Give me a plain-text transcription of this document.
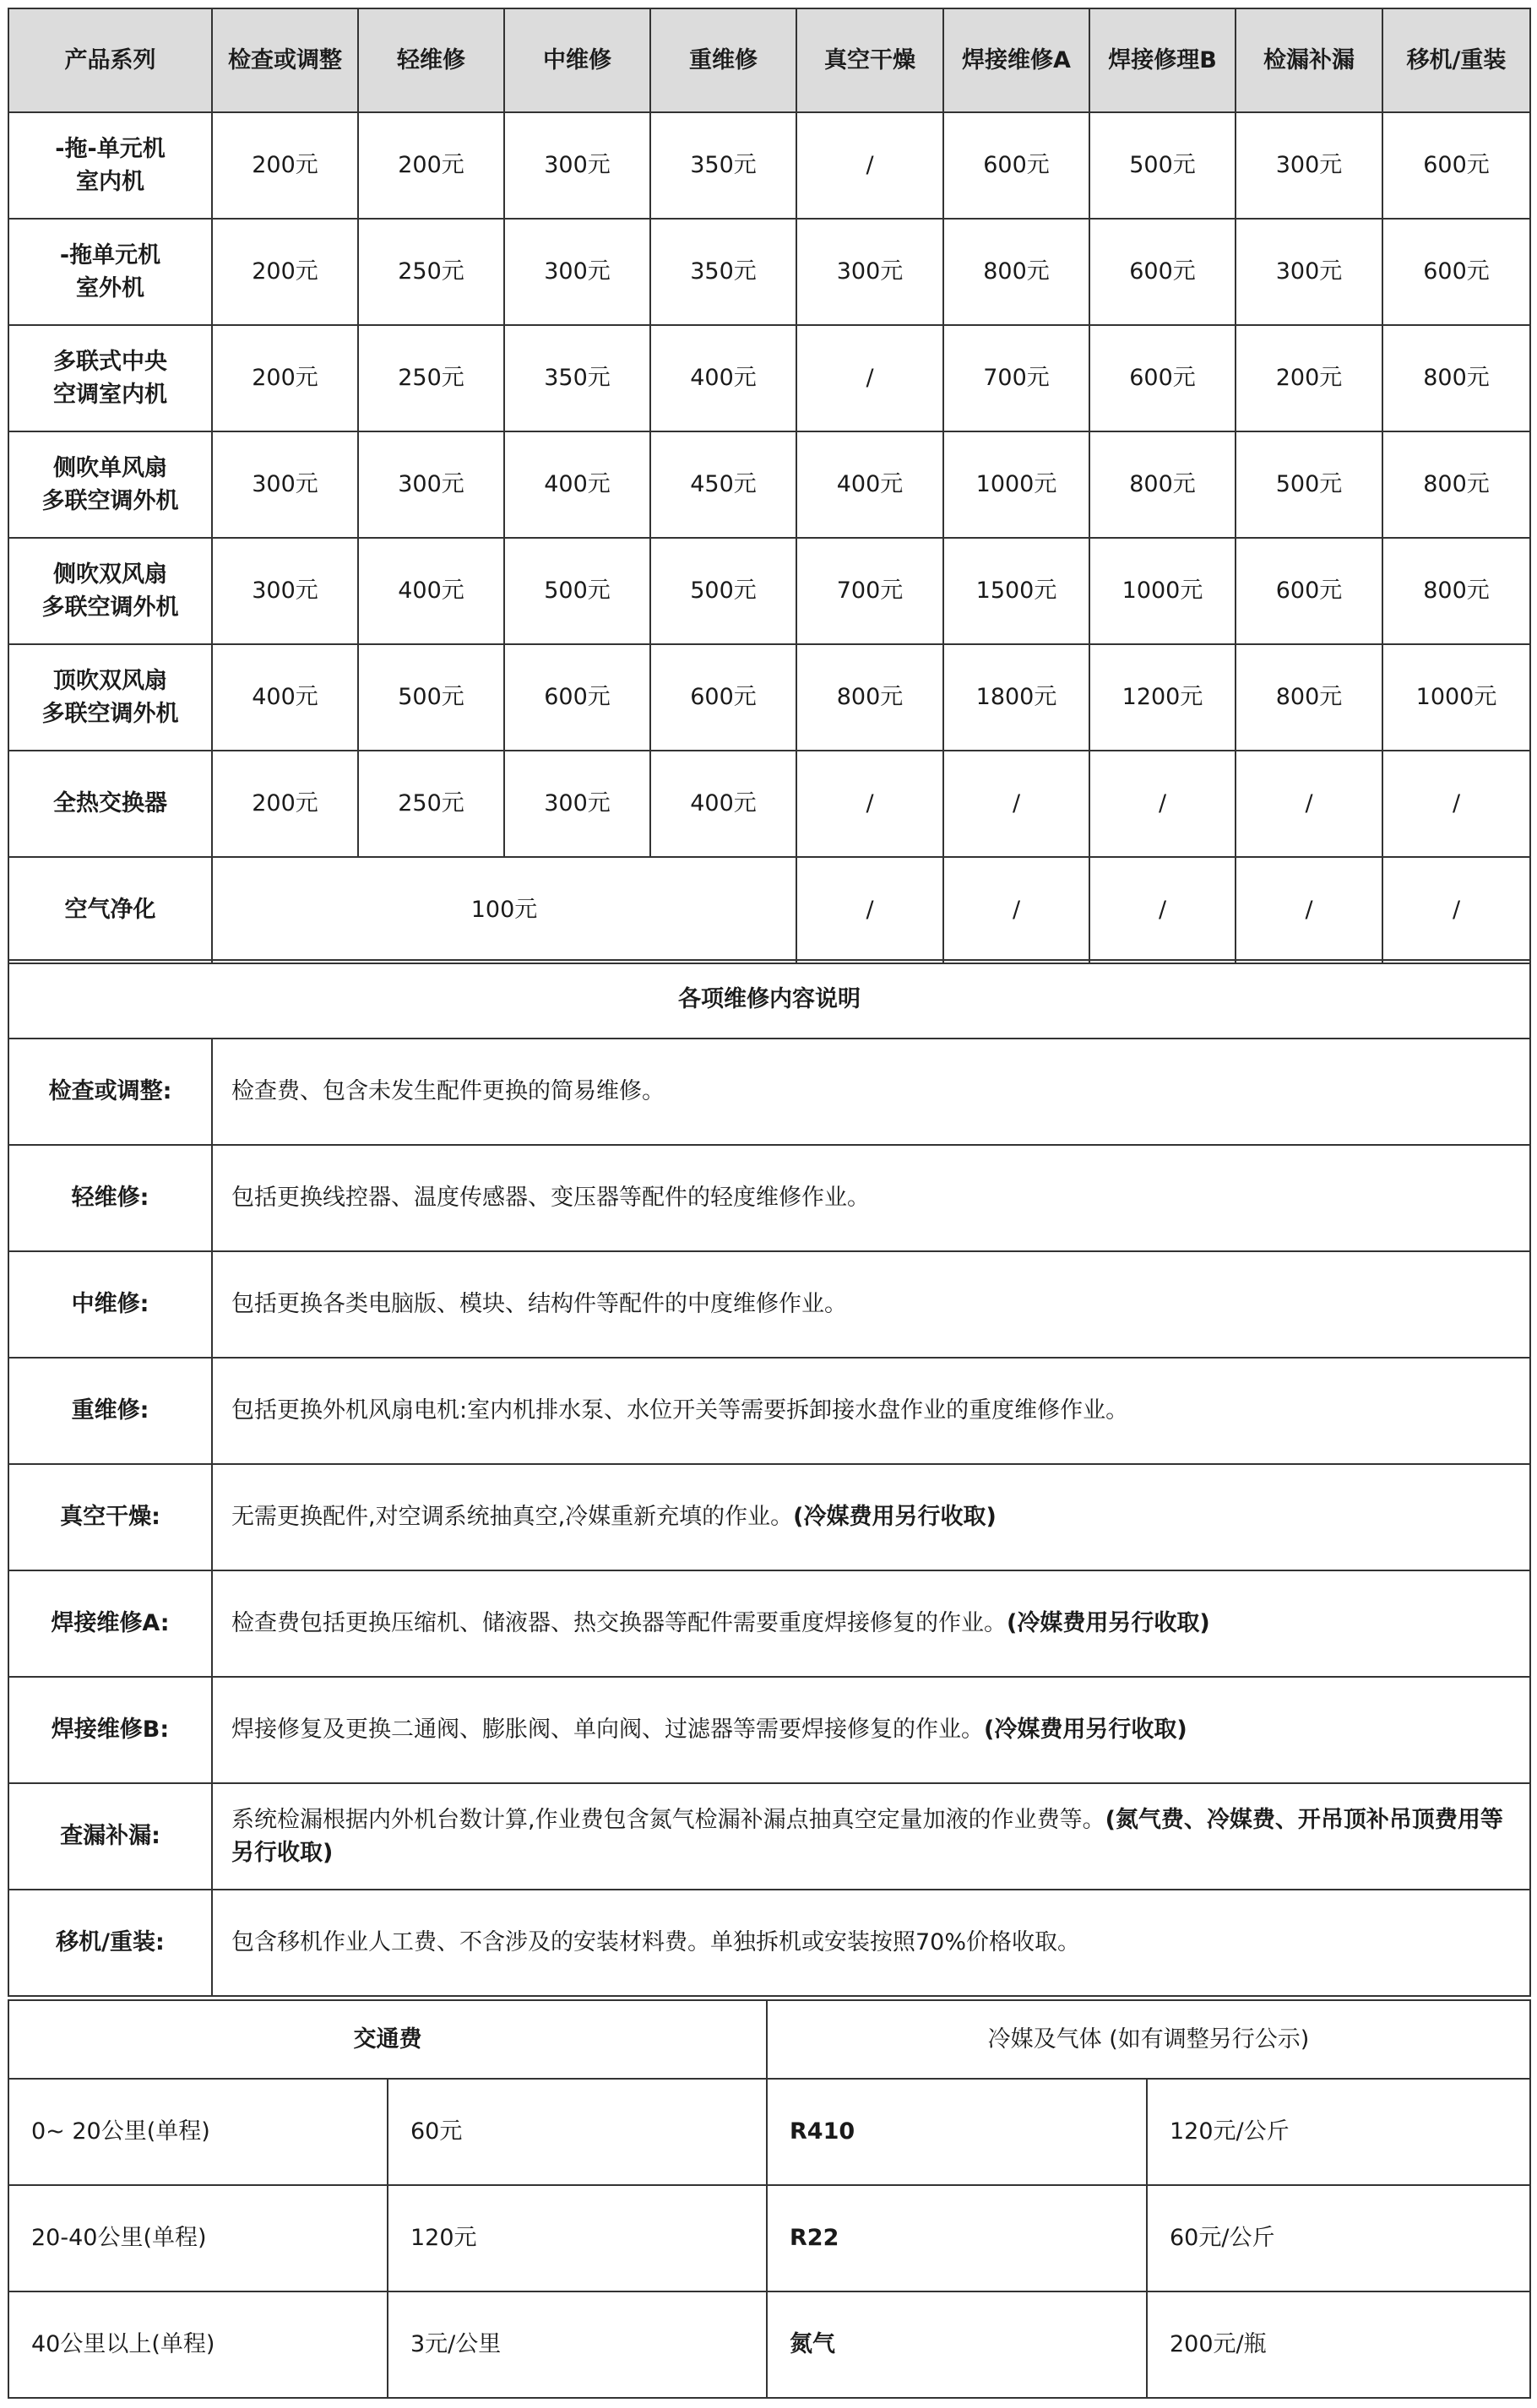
产品系列	检查或调整	轻维修	中维修	重维修	真空干燥	焊接维修A	焊接修理B	检漏补漏	移机/重装
-拖-单元机
室内机	200元	200元	300元	350元	/	600元	500元	300元	600元
-拖单元机
室外机	200元	250元	300元	350元	300元	800元	600元	300元	600元
多联式中央
空调室内机	200元	250元	350元	400元	/	700元	600元	200元	800元
侧吹单风扇
多联空调外机	300元	300元	400元	450元	400元	1000元	800元	500元	800元
侧吹双风扇
多联空调外机	300元	400元	500元	500元	700元	1500元	1000元	600元	800元
顶吹双风扇
多联空调外机	400元	500元	600元	600元	800元	1800元	1200元	800元	1000元
全热交换器	200元	250元	300元	400元	/	/	/	/	/
空气净化	100元				/	/	/	/	/
各项维修内容说明	
检查或调整:	检查费、包含未发生配件更换的简易维修。
轻维修:	包括更换线控器、温度传感器、变压器等配件的轻度维修作业。
中维修:	包括更换各类电脑版、模块、结构件等配件的中度维修作业。
重维修:	包括更换外机风扇电机:室内机排水泵、水位开关等需要拆卸接水盘作业的重度维修作业。
真空干燥:	无需更换配件,对空调系统抽真空,冷媒重新充填的作业。(冷媒费用另行收取)
焊接维修A:	检查费包括更换压缩机、储液器、热交换器等配件需要重度焊接修复的作业。(冷媒费用另行收取)
焊接维修B:	焊接修复及更换二通阀、膨胀阀、单向阀、过滤器等需要焊接修复的作业。(冷媒费用另行收取)
查漏补漏:	系统检漏根据内外机台数计算,作业费包含氮气检漏补漏点抽真空定量加液的作业费等。(氮气费、冷媒费、开吊顶补吊顶费用等另行收取)
移机/重装:	包含移机作业人工费、不含涉及的安装材料费。单独拆机或安装按照70%价格收取。
交通费		冷媒及气体 (如有调整另行公示)	
0~ 20公里(单程)	60元	R410	120元/公斤
20-40公里(单程)	120元	R22	60元/公斤
40公里以上(单程)	3元/公里	氮气	200元/瓶
